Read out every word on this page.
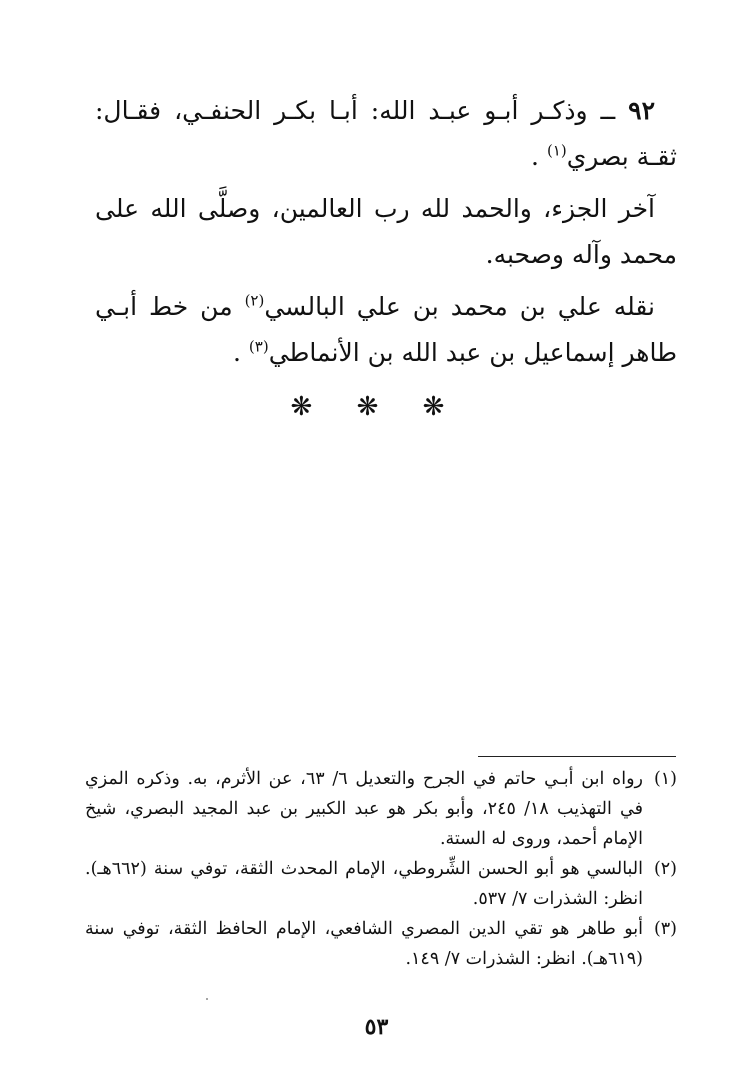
٩٢ ــ وذكـر أبـو عبـد الله: أبـا بكـر الحنفـي، فقـال: ثقـة بصري$^{(١)}$ .

آخر الجزء، والحمد لله رب العالمين، وصلَّى الله على محمد وآله وصحبه.

نقله علي بن محمد بن علي البالسي$^{(٢)}$ من خط أبـي طاهر إسماعيل بن عبد الله بن الأنماطي$^{(٣)}$ .

❋ ❋ ❋
(١)
رواه ابن أبـي حاتم في الجرح والتعديل ٦/ ٦٣، عن الأثرم، به. وذكره المزي في التهذيب ١٨/ ٢٤٥، وأبو بكر هو عبد الكبير بن عبد المجيد البصري، شيخ الإمام أحمد، وروى له الستة.
(٢)
البالسي هو أبو الحسن الشِّروطي، الإمام المحدث الثقة، توفي سنة (٦٦٢هـ). انظر: الشذرات ٧/ ٥٣٧.
(٣)
أبو طاهر هو تقي الدين المصري الشافعي، الإمام الحافظ الثقة، توفي سنة (٦١٩هـ). انظر: الشذرات ٧/ ١٤٩.
٥٣
